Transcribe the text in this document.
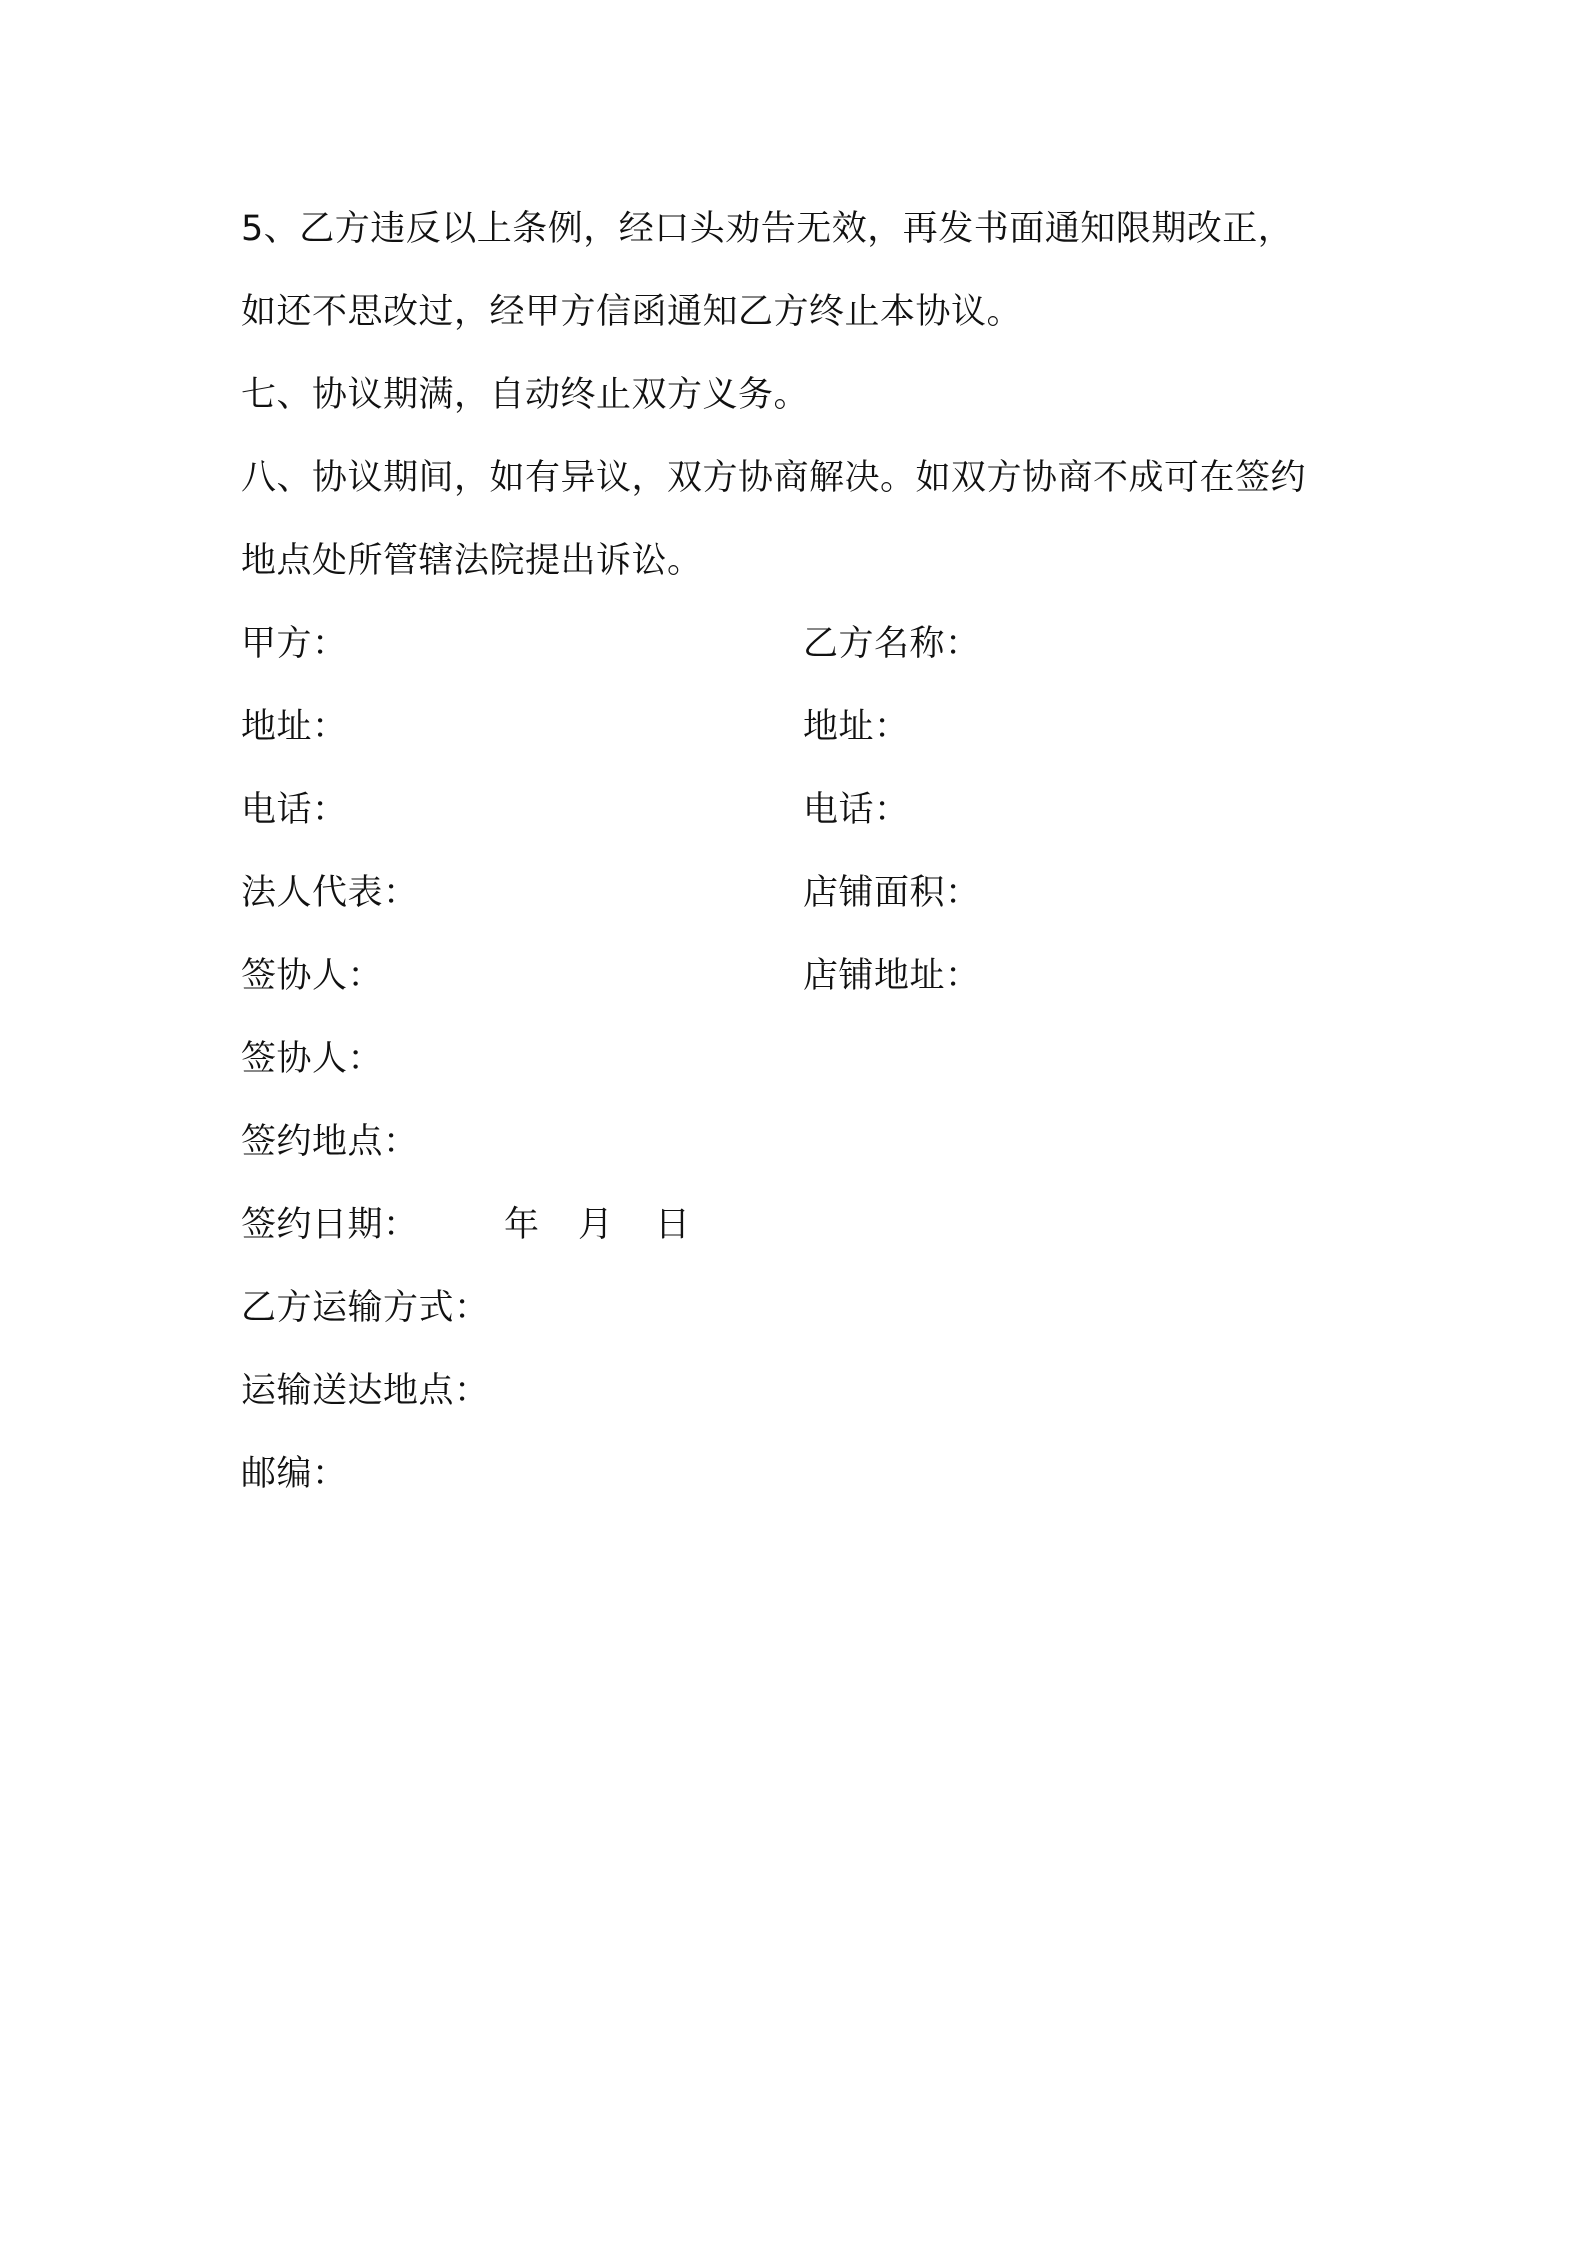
5、乙方违反以上条例，经口头劝告无效，再发书面通知限期改正，
如还不思改过，经甲方信函通知乙方终止本协议。
七、协议期满，自动终止双方义务。
八、协议期间，如有异议，双方协商解决。如双方协商不成可在签约
地点处所管辖法院提出诉讼。
甲方：	乙方名称：
地址：	地址：
电话：	电话：
法人代表：	店铺面积：
签协人：	店铺地址：
签协人：
签约地点：
签约日期： 年 月 日
乙方运输方式：
运输送达地点：
邮编：
